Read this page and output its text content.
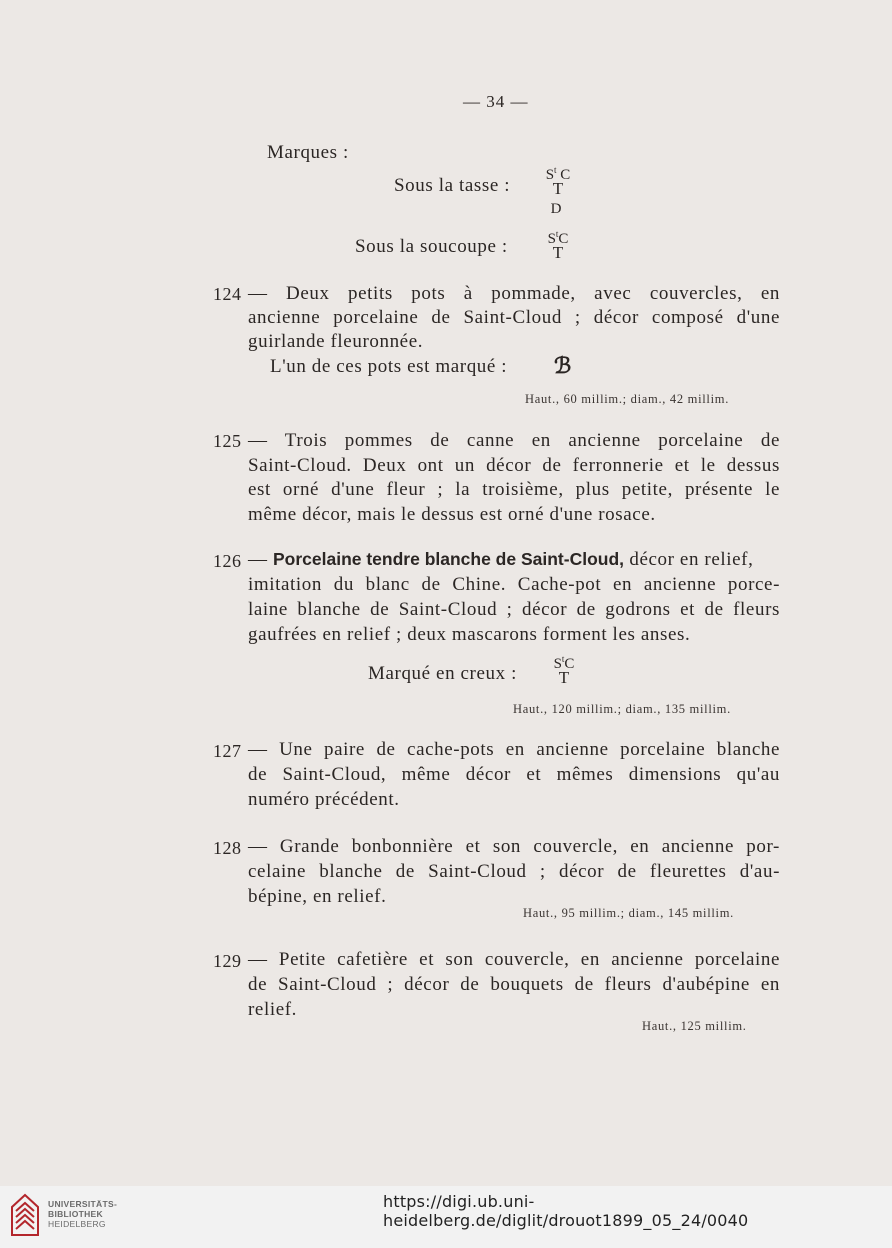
— 34 —
Marques :
Sous la tasse :	$S^t$ C
T
D
Sous la soucoupe :	$S^tC$
T
124 — Deux petits pots à pommade, avec couvercles, en
ancienne porcelaine de Saint-Cloud ; décor composé d'une
guirlande fleuronnée.
L'un de ces pots est marqué : ℬ
Haut., 60 millim.; diam., 42 millim.
125 — Trois pommes de canne en ancienne porcelaine de
Saint-Cloud. Deux ont un décor de ferronnerie et le dessus
est orné d'une fleur ; la troisième, plus petite, présente le
même décor, mais le dessus est orné d'une rosace.
126 — Porcelaine tendre blanche de Saint-Cloud, décor en relief,
imitation du blanc de Chine. Cache-pot en ancienne porce-
laine blanche de Saint-Cloud ; décor de godrons et de fleurs
gaufrées en relief ; deux mascarons forment les anses.
Marqué en creux :	$S^tC$
T
Haut., 120 millim.; diam., 135 millim.
127 — Une paire de cache-pots en ancienne porcelaine blanche
de Saint-Cloud, même décor et mêmes dimensions qu'au
numéro précédent.
128 — Grande bonbonnière et son couvercle, en ancienne por-
celaine blanche de Saint-Cloud ; décor de fleurettes d'au-
bépine, en relief.
Haut., 95 millim.; diam., 145 millim.
129 — Petite cafetière et son couvercle, en ancienne porcelaine
de Saint-Cloud ; décor de bouquets de fleurs d'aubépine en
relief.
Haut., 125 millim.
UNIVERSITÄTS-
BIBLIOTHEK
HEIDELBERG
https://digi.ub.uni-heidelberg.de/diglit/drouot1899_05_24/0040
